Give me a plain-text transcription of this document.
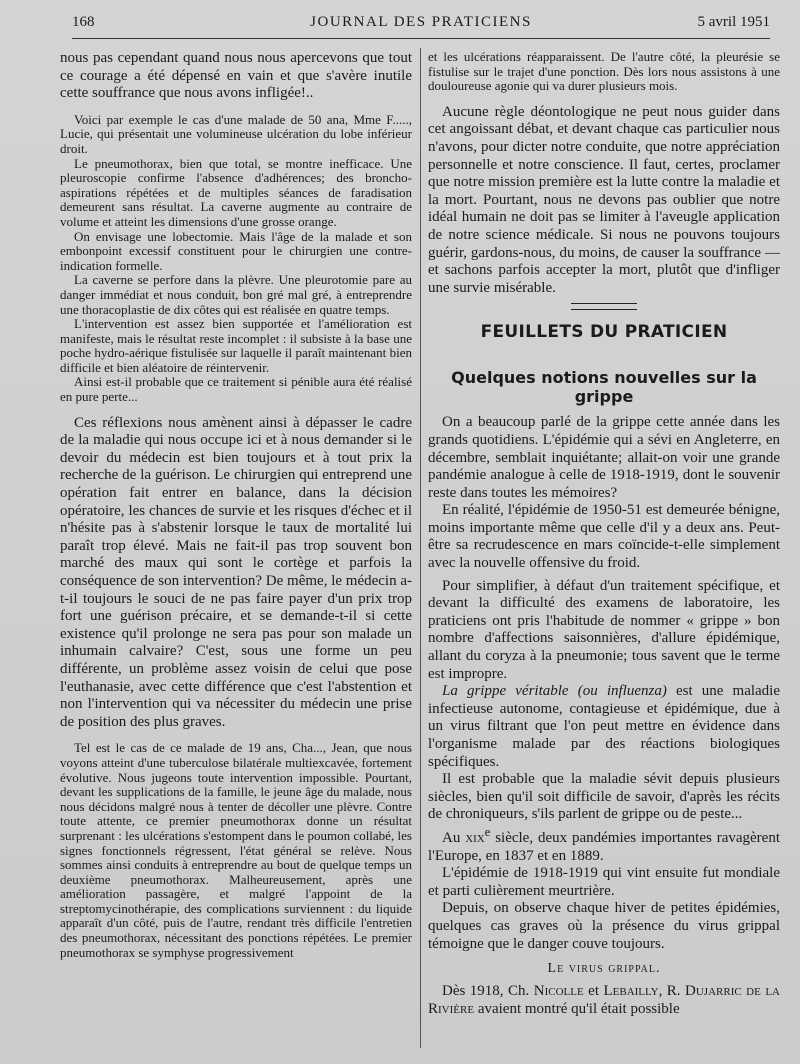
168	JOURNAL DES PRATICIENS	5 avril 1951

nous pas cependant quand nous nous apercevons que tout ce courage a été dépensé en vain et que s'avère inutile cette souffrance que nous avons infligée!..

Voici par exemple le cas d'une malade de 50 ana, Mme F....., Lucie, qui présentait une volumineuse ulcération du lobe inférieur droit.

Le pneumothorax, bien que total, se montre inefficace. Une pleuroscopie confirme l'absence d'adhérences; des broncho-aspirations répétées et de multiples séances de faradisation demeurent sans résultat. La caverne augmente au contraire de volume et atteint les dimensions d'une grosse orange.

On envisage une lobectomie. Mais l'âge de la malade et son embonpoint excessif constituent pour le chirurgien une contre-indication formelle.

La caverne se perfore dans la plèvre. Une pleurotomie pare au danger immédiat et nous conduit, bon gré mal gré, à entreprendre une thoracoplastie de dix côtes qui est réalisée en quatre temps.

L'intervention est assez bien supportée et l'amélioration est manifeste, mais le résultat reste incomplet : il subsiste à la base une poche hydro-aérique fistulisée sur laquelle il paraît maintenant bien difficile et bien aléatoire de réintervenir.

Ainsi est-il probable que ce traitement si pénible aura été réalisé en pure perte...

Ces réflexions nous amènent ainsi à dépasser le cadre de la maladie qui nous occupe ici et à nous demander si le devoir du médecin est bien toujours et à tout prix la recherche de la guérison. Le chirurgien qui entreprend une opération fait entrer en balance, dans la décision opératoire, les chances de survie et les risques d'échec et il n'hésite pas à s'abstenir lorsque le taux de mortalité lui paraît trop élevé. Mais ne fait-il pas trop souvent bon marché des maux qui sont le cortège et parfois la conséquence de son intervention? De même, le médecin a-t-il toujours le souci de ne pas faire payer d'un prix trop fort une guérison précaire, et se demande-t-il si cette existence qu'il prolonge ne sera pas pour son malade un inhumain calvaire? C'est, sous une forme un peu différente, un problème assez voisin de celui que pose l'euthanasie, avec cette différence que c'est l'abstention et non l'intervention qui va nécessiter du médecin une prise de position des plus graves.

Tel est le cas de ce malade de 19 ans, Cha..., Jean, que nous voyons atteint d'une tuberculose bilatérale multiexcavée, fortement évolutive. Nous jugeons toute intervention impossible. Pourtant, devant les supplications de la famille, le jeune âge du malade, nous nous décidons malgré nous à tenter de décoller une plèvre. Contre toute attente, ce premier pneumothorax donne un résultat surprenant : les ulcérations s'estompent dans le poumon collabé, les signes fonctionnels régressent, l'état général se relève. Nous sommes ainsi conduits à entreprendre au bout de quelque temps un deuxième pneumothorax. Malheureusement, après une amélioration passagère, et malgré l'appoint de la streptomycinothérapie, des complications surviennent : du liquide apparaît d'un côté, puis de l'autre, rendant très difficile l'entretien des pneumothorax, nécessitant des ponctions répétées. Le premier pneumothorax se symphyse progressivement

et les ulcérations réapparaissent. De l'autre côté, la pleurésie se fistulise sur le trajet d'une ponction. Dès lors nous assistons à une douloureuse agonie qui va durer plusieurs mois.

Aucune règle déontologique ne peut nous guider dans cet angoissant débat, et devant chaque cas particulier nous n'avons, pour dicter notre conduite, que notre appréciation personnelle et notre conscience. Il faut, certes, proclamer que notre mission première est la lutte contre la maladie et la mort. Pourtant, nous ne devons pas oublier que notre idéal humain ne doit pas se limiter à l'aveugle application de notre science médicale. Si nous ne pouvons toujours guérir, gardons-nous, du moins, de causer la souffrance — et sachons parfois accepter la mort, plutôt que d'infliger une survie misérable.

FEUILLETS DU PRATICIEN
Quelques notions nouvelles sur la grippe

On a beaucoup parlé de la grippe cette année dans les grands quotidiens. L'épidémie qui a sévi en Angleterre, en décembre, semblait inquiétante; allait-on voir une grande pandémie analogue à celle de 1918-1919, dont le souvenir reste dans toutes les mémoires?

En réalité, l'épidémie de 1950-51 est demeurée bénigne, moins importante même que celle d'il y a deux ans. Peut-être sa recrudescence en mars coïncide-t-elle simplement avec la nouvelle offensive du froid.

Pour simplifier, à défaut d'un traitement spécifique, et devant la difficulté des examens de laboratoire, les praticiens ont pris l'habitude de nommer « grippe » bon nombre d'affections saisonnières, d'allure épidémique, allant du coryza à la pneumonie; tous savent que le terme est impropre.

La grippe véritable (ou influenza) est une maladie infectieuse autonome, contagieuse et épidémique, due à un virus filtrant que l'on peut mettre en évidence dans l'organisme malade par des réactions biologiques spécifiques.

Il est probable que la maladie sévit depuis plusieurs siècles, bien qu'il soit difficile de savoir, d'après les récits de chroniqueurs, s'ils parlent de grippe ou de peste...

Au xix$^e$ siècle, deux pandémies importantes ravagèrent l'Europe, en 1837 et en 1889.

L'épidémie de 1918-1919 qui vint ensuite fut mondiale et parti culièrement meurtrière.

Depuis, on observe chaque hiver de petites épidémies, quelques cas graves où la présence du virus grippal témoigne que le danger couve toujours.

Le virus grippal.

Dès 1918, Ch. Nicolle et Lebailly, R. Dujarric de la Rivière avaient montré qu'il était possible
